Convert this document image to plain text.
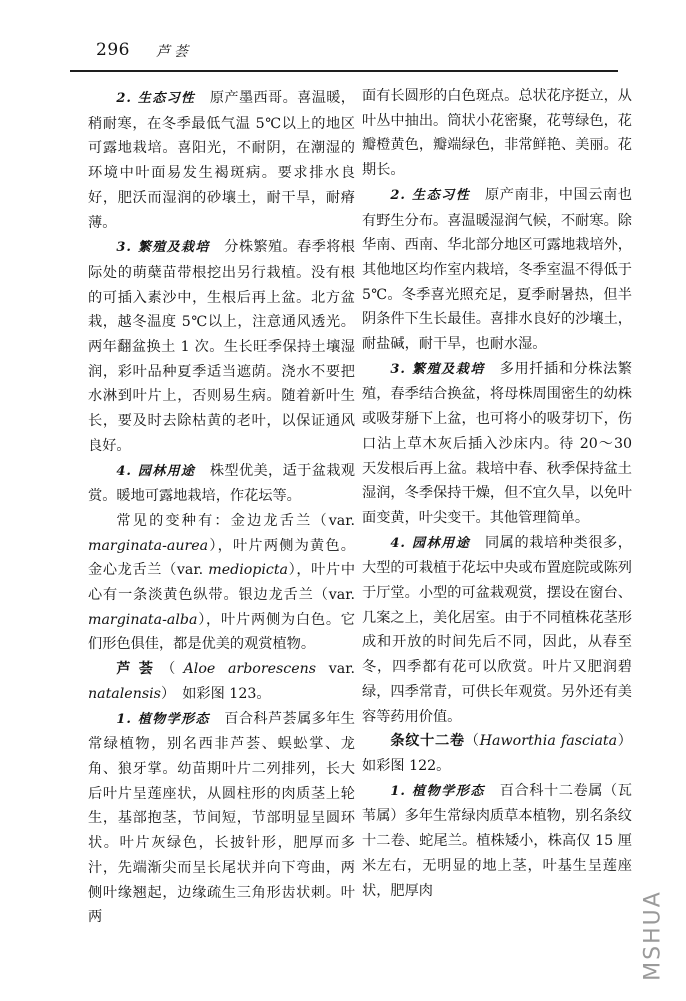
296 芦荟

2. 生态习性　 原产墨西哥。喜温暖，稍耐寒，在冬季最低气温 5℃以上的地区可露地栽培。喜阳光，不耐阴，在潮湿的环境中叶面易发生褐斑病。要求排水良好，肥沃而湿润的砂壤土，耐干旱，耐瘠薄。

3. 繁殖及栽培　 分株繁殖。春季将根际处的萌蘖苗带根挖出另行栽植。没有根的可插入素沙中，生根后再上盆。北方盆栽，越冬温度 5℃以上，注意通风透光。两年翻盆换土 1 次。生长旺季保持土壤湿润，彩叶品种夏季适当遮荫。浇水不要把水淋到叶片上，否则易生病。随着新叶生长，要及时去除枯黄的老叶，以保证通风良好。

4. 园林用途　 株型优美，适于盆栽观赏。暖地可露地栽培，作花坛等。

常见的变种有：金边龙舌兰（var. marginata-aurea），叶片两侧为黄色。金心龙舌兰（var. mediopicta），叶片中心有一条淡黄色纵带。银边龙舌兰（var. marginata-alba），叶片两侧为白色。它们形色俱佳，都是优美的观赏植物。

芦荟（Aloe arborescens var. natalensis）　如彩图 123。

1. 植物学形态　 百合科芦荟属多年生常绿植物，别名西非芦荟、蜈蚣掌、龙角、狼牙掌。幼苗期叶片二列排列，长大后叶片呈莲座状，从圆柱形的肉质茎上轮生，基部抱茎，节间短，节部明显呈圆环状。叶片灰绿色，长披针形，肥厚而多汁，先端渐尖而呈长尾状并向下弯曲，两侧叶缘翘起，边缘疏生三角形齿状刺。叶两

面有长圆形的白色斑点。总状花序挺立，从叶丛中抽出。筒状小花密聚，花萼绿色，花瓣橙黄色，瓣端绿色，非常鲜艳、美丽。花期长。

2. 生态习性　 原产南非，中国云南也有野生分布。喜温暖湿润气候，不耐寒。除华南、西南、华北部分地区可露地栽培外，其他地区均作室内栽培，冬季室温不得低于 5℃。冬季喜光照充足，夏季耐暑热，但半阴条件下生长最佳。喜排水良好的沙壤土，耐盐碱，耐干旱，也耐水湿。

3. 繁殖及栽培　 多用扦插和分株法繁殖，春季结合换盆，将母株周围密生的幼株或吸芽掰下上盆，也可将小的吸芽切下，伤口沾上草木灰后插入沙床内。待 20～30 天发根后再上盆。栽培中春、秋季保持盆土湿润，冬季保持干燥，但不宜久旱，以免叶面变黄，叶尖变干。其他管理简单。

4. 园林用途　 同属的栽培种类很多，大型的可栽植于花坛中央或布置庭院或陈列于厅堂。小型的可盆栽观赏，摆设在窗台、几案之上，美化居室。由于不同植株花茎形成和开放的时间先后不同，因此，从春至冬，四季都有花可以欣赏。叶片又肥润碧绿，四季常青，可供长年观赏。另外还有美容等药用价值。

条纹十二卷（Haworthia fasciata）如彩图 122。

1. 植物学形态　 百合科十二卷属（瓦苇属）多年生常绿肉质草本植物，别名条纹十二卷、蛇尾兰。植株矮小，株高仅 15 厘米左右，无明显的地上茎，叶基生呈莲座状，肥厚肉	MSHUA
